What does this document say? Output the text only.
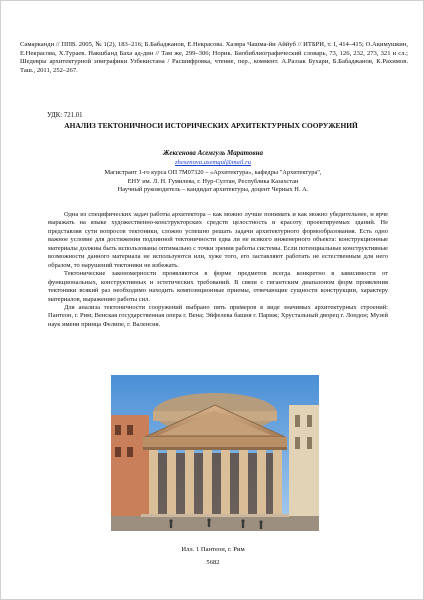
Самарканди // ППВ. 2005, № 1(2), 183–216; Б.Бабаджанов, Е.Некрасова. Хазвра Чашма-йи Аййуб // ИТБРИ, т. I, 414–415; О.Акимушкин, Е.Некрасова, Х.Тураев. Накшбанд Баха ад-дин // Там же, 299–306; Норик. Биобиблиографический словарь, 73, 126, 232, 273, 321 и сл.; Шедевры архитектурной эпиграфики Узбекистана / Расшифровка, чтение, пер., коммент. А.Раззак Бухари, Б.Бабаджанов, К.Рахимов. Таш., 2011, 252–267.

УДК: 721.01
АНАЛИЗ ТЕКТОНИЧНОСИ ИСТОРИЧЕСКИХ АРХИТЕКТУРНЫХ СООРУЖЕНИЙ
Жексенова Асемгуль Маратовна
zhesenova.asemgul@mail.ru

Магистрант 1-го курса ОП 7М07320 – «Архитектура», кафедры "Архитектура",

ЕНУ им. Л. Н. Гумилева, г. Нур-Султан, Республика Казахстан

Научный руководитель – кандидат архитектуры, доцент Черных Н. А.

Одна из специфических задач работы архитектора – как можно лучше понимать и как можно убедительнее, и ярче выражать на языке художественно-конструкторских средств целостность и красоту проектируемых зданий. Не представляя сути вопросов тектоники, сложно успешно решать задачи архитектурного формообразования. Есть одно важное условие для достижения подлинной тектоничности едва ли не всякого инженерного объекта: конструкционные материалы должны быть использованы оптимально с точки зрения работы системы. Если потенциальные конструктивные возможности данного материала не используются или, хуже того, его заставляют работать не естественным для него образом, то нарушений тектоники не избежать.

Тектонические закономерности проявляются в форме предметов всегда конкретно в зависимости от функциональных, конструктивных и эстетических требований. В связи с гигантским диапазоном форм проявления тектоники всякий раз необходимо находить композиционные приемы, отвечающие сущности конструкции, характеру материалов, выражению работы сил.

Для анализа тектоничности сооружений выбрано пять примеров в виде значимых архитектурных строений: Пантеон, г. Рим; Венская государственная опера г. Вена; Эйфелева башня г. Париж; Хрустальный дворец г. Лондон; Музей наук имени принца Фелипе, г. Валенсия.

Илл. 1 Пантеон, г. Рим
5682
